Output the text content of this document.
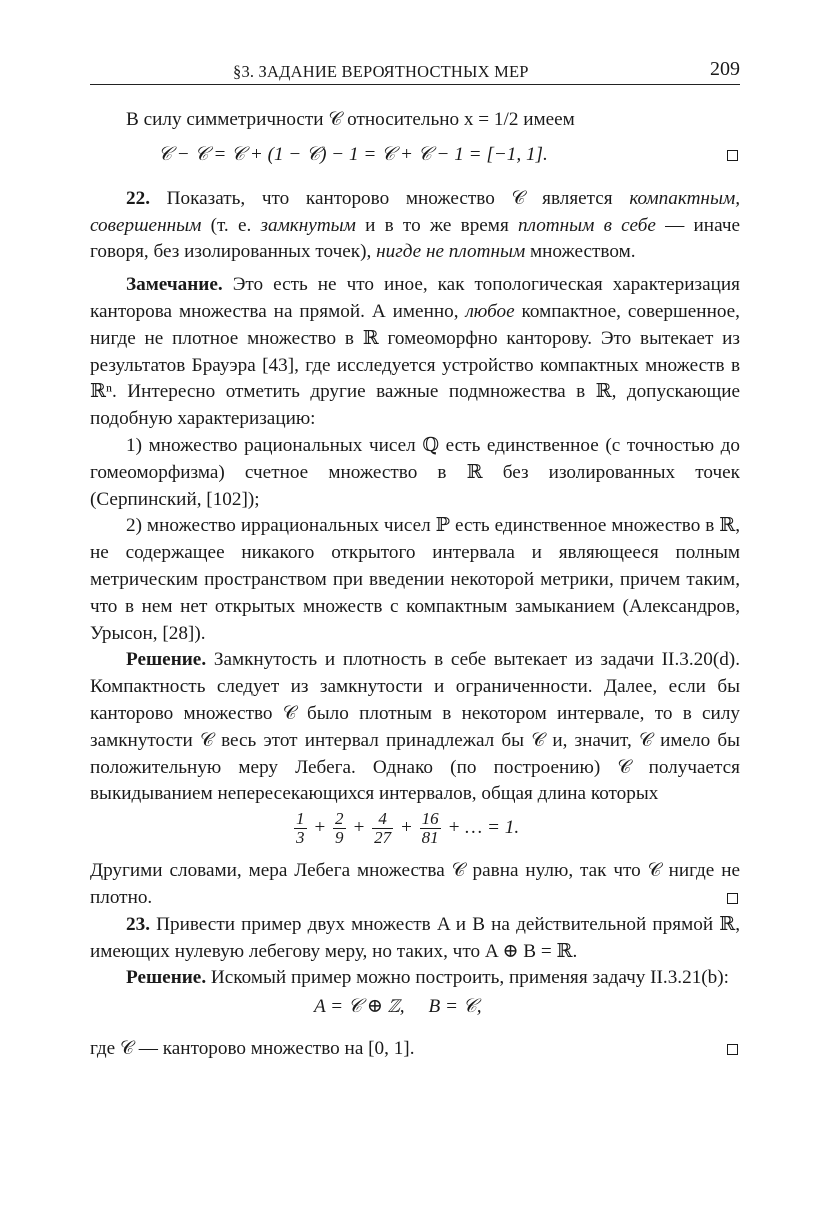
§3. ЗАДАНИЕ ВЕРОЯТНОСТНЫХ МЕР	209

В силу симметричности 𝒞 относительно x = 1/2 имеем

𝒞 − 𝒞 = 𝒞 + (1 − 𝒞) − 1 = 𝒞 + 𝒞 − 1 = [−1, 1].

22. Показать, что канторово множество 𝒞 является компактным, совершенным (т. е. замкнутым и в то же время плотным в себе — иначе говоря, без изолированных точек), нигде не плотным множеством.

Замечание. Это есть не что иное, как топологическая характеризация канторова множества на прямой. А именно, любое компактное, совершенное, нигде не плотное множество в ℝ гомеоморфно канторову. Это вытекает из результатов Брауэра [43], где исследуется устройство компактных множеств в ℝⁿ. Интересно отметить другие важные подмножества в ℝ, допускающие подобную характеризацию:

1) множество рациональных чисел ℚ есть единственное (с точностью до гомеоморфизма) счетное множество в ℝ без изолированных точек (Серпинский, [102]);

2) множество иррациональных чисел ℙ есть единственное множество в ℝ, не содержащее никакого открытого интервала и являющееся полным метрическим пространством при введении некоторой метрики, причем таким, что в нем нет открытых множеств с компактным замыканием (Александров, Урысон, [28]).

Решение. Замкнутость и плотность в себе вытекает из задачи II.3.20(d). Компактность следует из замкнутости и ограниченности. Далее, если бы канторово множество 𝒞 было плотным в некотором интервале, то в силу замкнутости 𝒞 весь этот интервал принадлежал бы 𝒞 и, значит, 𝒞 имело бы положительную меру Лебега. Однако (по построению) 𝒞 получается выкидыванием непересекающихся интервалов, общая длина которых

$\frac{1}{3} + \frac{2}{9} + \frac{4}{27} + \frac{16}{81}$ + … = 1.

Другими словами, мера Лебега множества 𝒞 равна нулю, так что 𝒞 нигде не плотно.

23. Привести пример двух множеств A и B на действительной прямой ℝ, имеющих нулевую лебегову меру, но таких, что A ⊕ B = ℝ.

Решение. Искомый пример можно построить, применяя задачу II.3.21(b):

A = 𝒞 ⊕ ℤ,     B = 𝒞,

где 𝒞 — канторово множество на [0, 1].
